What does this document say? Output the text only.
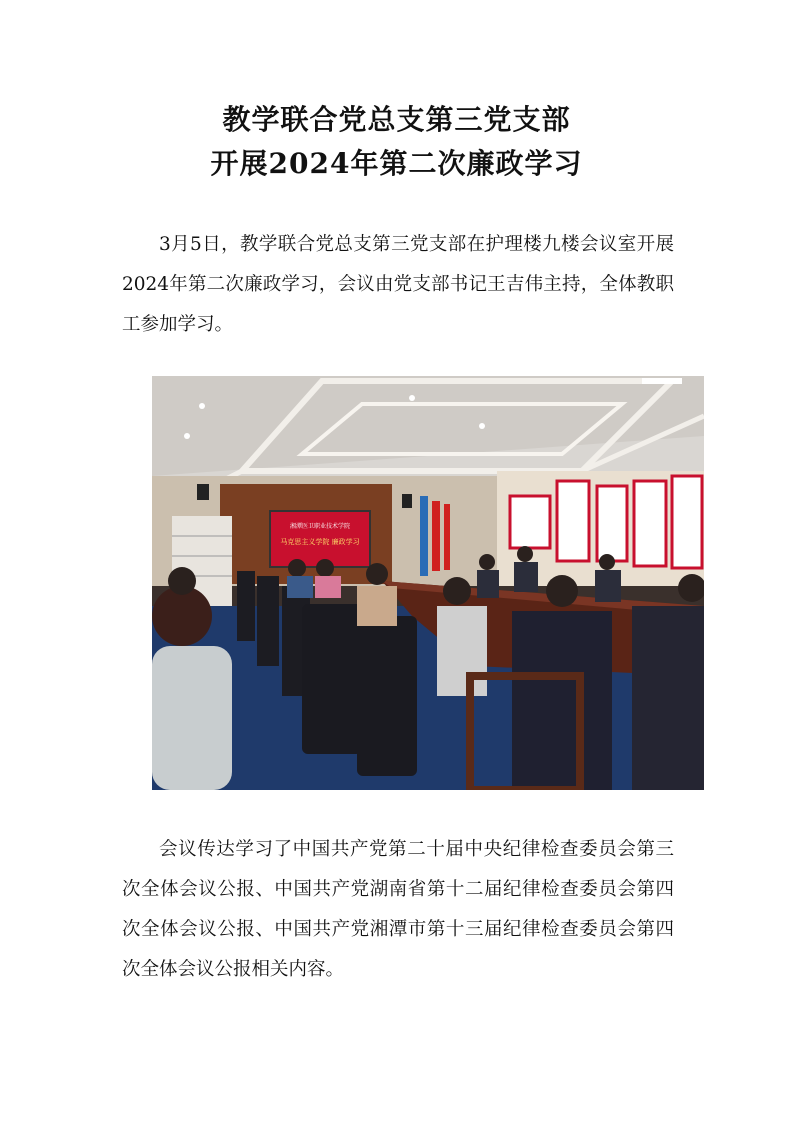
教学联合党总支第三党支部
开展2024年第二次廉政学习
3月5日，教学联合党总支第三党支部在护理楼九楼会议室开展2024年第二次廉政学习，会议由党支部书记王吉伟主持，全体教职工参加学习。
湘潭医卫职业技术学院
马克思主义学院 廉政学习
会议传达学习了中国共产党第二十届中央纪律检查委员会第三次全体会议公报、中国共产党湖南省第十二届纪律检查委员会第四次全体会议公报、中国共产党湘潭市第十三届纪律检查委员会第四次全体会议公报相关内容。
